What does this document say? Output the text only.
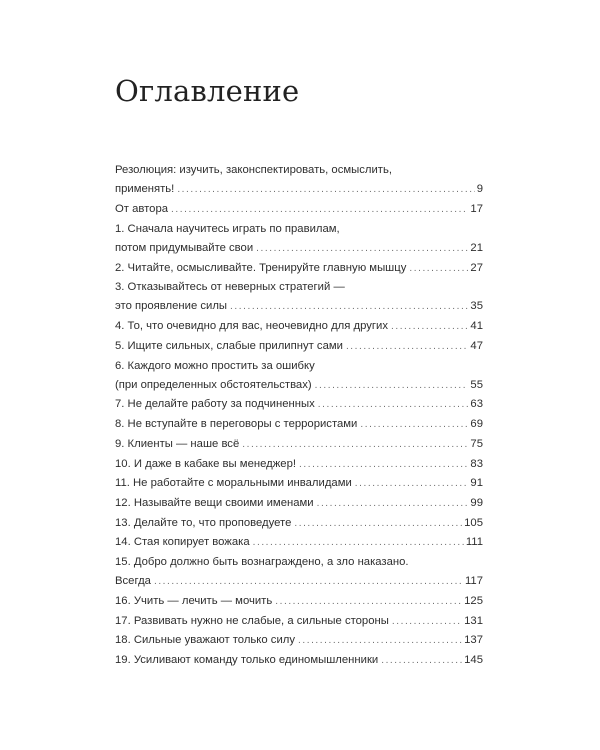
Оглавление
Резолюция: изучить, законспектировать, осмыслить,
применять! . . .	9
От автора . . .	17
1. Сначала научитесь играть по правилам,
потом придумывайте свои . . .	21
2. Читайте, осмысливайте. Тренируйте главную мышцу . . .	27
3. Отказывайтесь от неверных стратегий —
это проявление силы . . .	35
4. То, что очевидно для вас, неочевидно для других . . .	41
5. Ищите сильных, слабые прилипнут сами . . .	47
6. Каждого можно простить за ошибку
(при определенных обстоятельствах) . . .	55
7. Не делайте работу за подчиненных . . .	63
8. Не вступайте в переговоры с террористами . . .	69
9. Клиенты — наше всё . . .	75
10. И даже в кабаке вы менеджер! . . .	83
11. Не работайте с моральными инвалидами . . .	91
12. Называйте вещи своими именами . . .	99
13. Делайте то, что проповедуете . . .	105
14. Стая копирует вожака . . .	111
15. Добро должно быть вознаграждено, а зло наказано.
Всегда . . .	117
16. Учить — лечить — мочить . . .	125
17. Развивать нужно не слабые, а сильные стороны . . .	131
18. Сильные уважают только силу . . .	137
19. Усиливают команду только единомышленники . . .	145
